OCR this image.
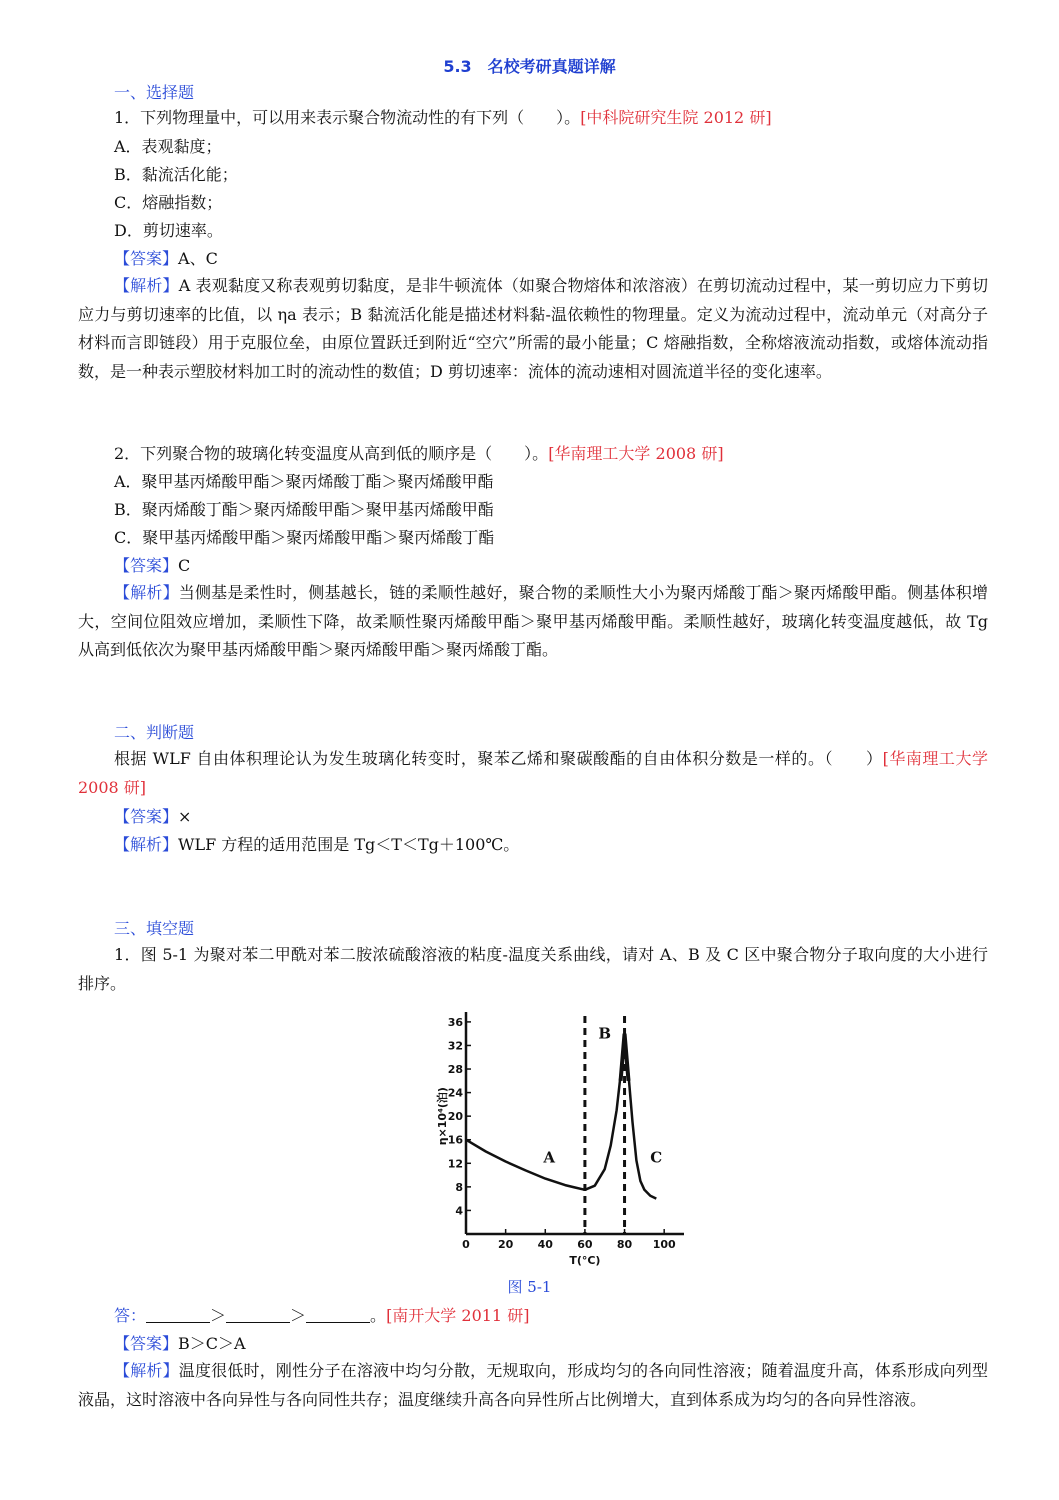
5.3　名校考研真题详解
一、选择题
1．下列物理量中，可以用来表示聚合物流动性的有下列（　　）。[中科院研究生院 2012 研]
A．表观黏度；
B．黏流活化能；
C．熔融指数；
D．剪切速率。
【答案】A、C
【解析】A 表观黏度又称表观剪切黏度，是非牛顿流体（如聚合物熔体和浓溶液）在剪切流动过程中，某一剪切应力下剪切应力与剪切速率的比值，以 ηa 表示；B 黏流活化能是描述材料黏-温依赖性的物理量。定义为流动过程中，流动单元（对高分子材料而言即链段）用于克服位垒，由原位置跃迁到附近“空穴”所需的最小能量；C 熔融指数，全称熔液流动指数，或熔体流动指数，是一种表示塑胶材料加工时的流动性的数值；D 剪切速率：流体的流动速相对圆流道半径的变化速率。
2．下列聚合物的玻璃化转变温度从高到低的顺序是（　　）。[华南理工大学 2008 研]
A．聚甲基丙烯酸甲酯＞聚丙烯酸丁酯＞聚丙烯酸甲酯
B．聚丙烯酸丁酯＞聚丙烯酸甲酯＞聚甲基丙烯酸甲酯
C．聚甲基丙烯酸甲酯＞聚丙烯酸甲酯＞聚丙烯酸丁酯
【答案】C
【解析】当侧基是柔性时，侧基越长，链的柔顺性越好，聚合物的柔顺性大小为聚丙烯酸丁酯＞聚丙烯酸甲酯。侧基体积增大，空间位阻效应增加，柔顺性下降，故柔顺性聚丙烯酸甲酯＞聚甲基丙烯酸甲酯。柔顺性越好，玻璃化转变温度越低，故 Tg 从高到低依次为聚甲基丙烯酸甲酯＞聚丙烯酸甲酯＞聚丙烯酸丁酯。
二、判断题
根据 WLF 自由体积理论认为发生玻璃化转变时，聚苯乙烯和聚碳酸酯的自由体积分数是一样的。（　　）[华南理工大学 2008 研]
【答案】×
【解析】WLF 方程的适用范围是 Tg＜T＜Tg＋100℃。
三、填空题
1．图 5-1 为聚对苯二甲酰对苯二胺浓硫酸溶液的粘度-温度关系曲线，请对 A、B 及 C 区中聚合物分子取向度的大小进行排序。
4
8
12
16
20
24
28
32
36
0	20 40 60 80 100
A
B
C
T(°C)
η×10⁴(泊)
图 5-1
答：	＞	＞	。[南开大学 2011 研]
【答案】B＞C＞A
【解析】温度很低时，刚性分子在溶液中均匀分散，无规取向，形成均匀的各向同性溶液；随着温度升高，体系形成向列型液晶，这时溶液中各向异性与各向同性共存；温度继续升高各向异性所占比例增大，直到体系成为均匀的各向异性溶液。
